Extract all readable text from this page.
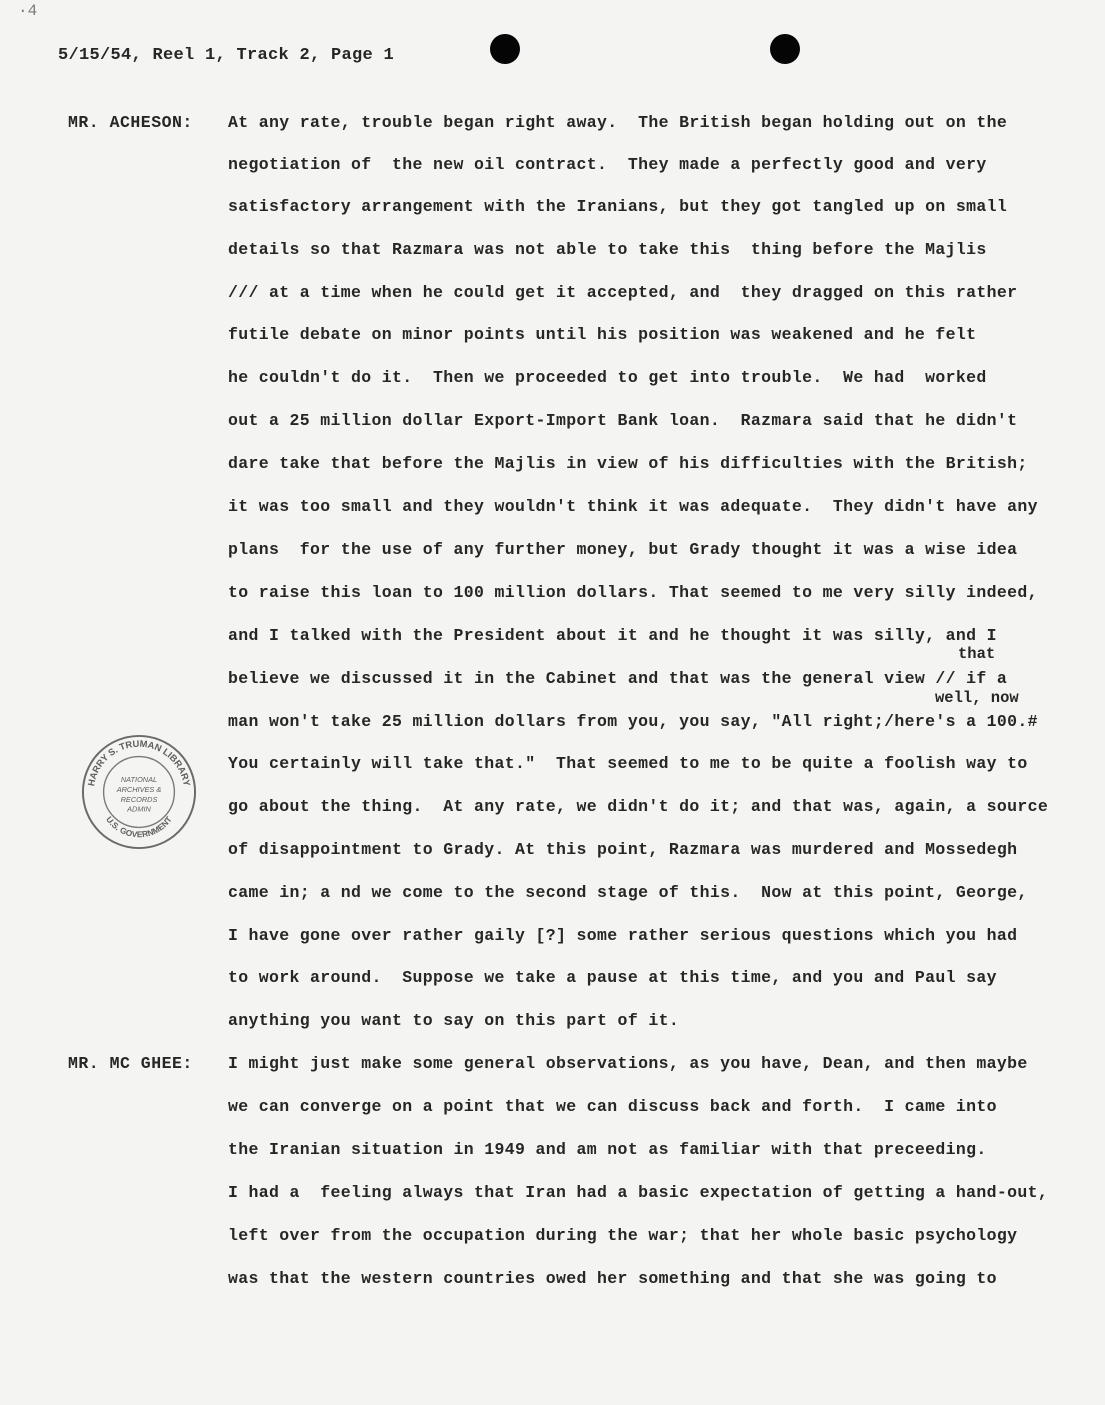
·4
5/15/54, Reel 1, Track 2, Page 1
MR. ACHESON: At any rate, trouble began right away.  The British began holding out on the
negotiation of  the new oil contract.  They made a perfectly good and very
satisfactory arrangement with the Iranians, but they got tangled up on small
details so that Razmara was not able to take this  thing before the Majlis
/// at a time when he could get it accepted, and  they dragged on this rather
futile debate on minor points until his position was weakened and he felt
he couldn't do it.  Then we proceeded to get into trouble.  We had  worked
out a 25 million dollar Export-Import Bank loan.  Razmara said that he didn't
dare take that before the Majlis in view of his difficulties with the British;
it was too small and they wouldn't think it was adequate.  They didn't have any
plans  for the use of any further money, but Grady thought it was a wise idea
to raise this loan to 100 million dollars. That seemed to me very silly indeed,
and I talked with the President about it and he thought it was silly, and I
that
believe we discussed it in the Cabinet and that was the general view // if a
well, now
man won't take 25 million dollars from you, you say, "All right;/here's a 100.#
You certainly will take that."  That seemed to me to be quite a foolish way to
go about the thing.  At any rate, we didn't do it; and that was, again, a source
of disappointment to Grady. At this point, Razmara was murdered and Mossedegh
came in; a nd we come to the second stage of this.  Now at this point, George,
I have gone over rather gaily [?] some rather serious questions which you had
to work around.  Suppose we take a pause at this time, and you and Paul say
anything you want to say on this part of it.
MR. MC GHEE: I might just make some general observations, as you have, Dean, and then maybe
we can converge on a point that we can discuss back and forth.  I came into
the Iranian situation in 1949 and am not as familiar with that preceeding.
I had a  feeling always that Iran had a basic expectation of getting a hand-out,
left over from the occupation during the war; that her whole basic psychology
was that the western countries owed her something and that she was going to
HARRY S. TRUMAN LIBRARY
U.S. GOVERNMENT
NATIONAL
ARCHIVES &
RECORDS
ADMIN
